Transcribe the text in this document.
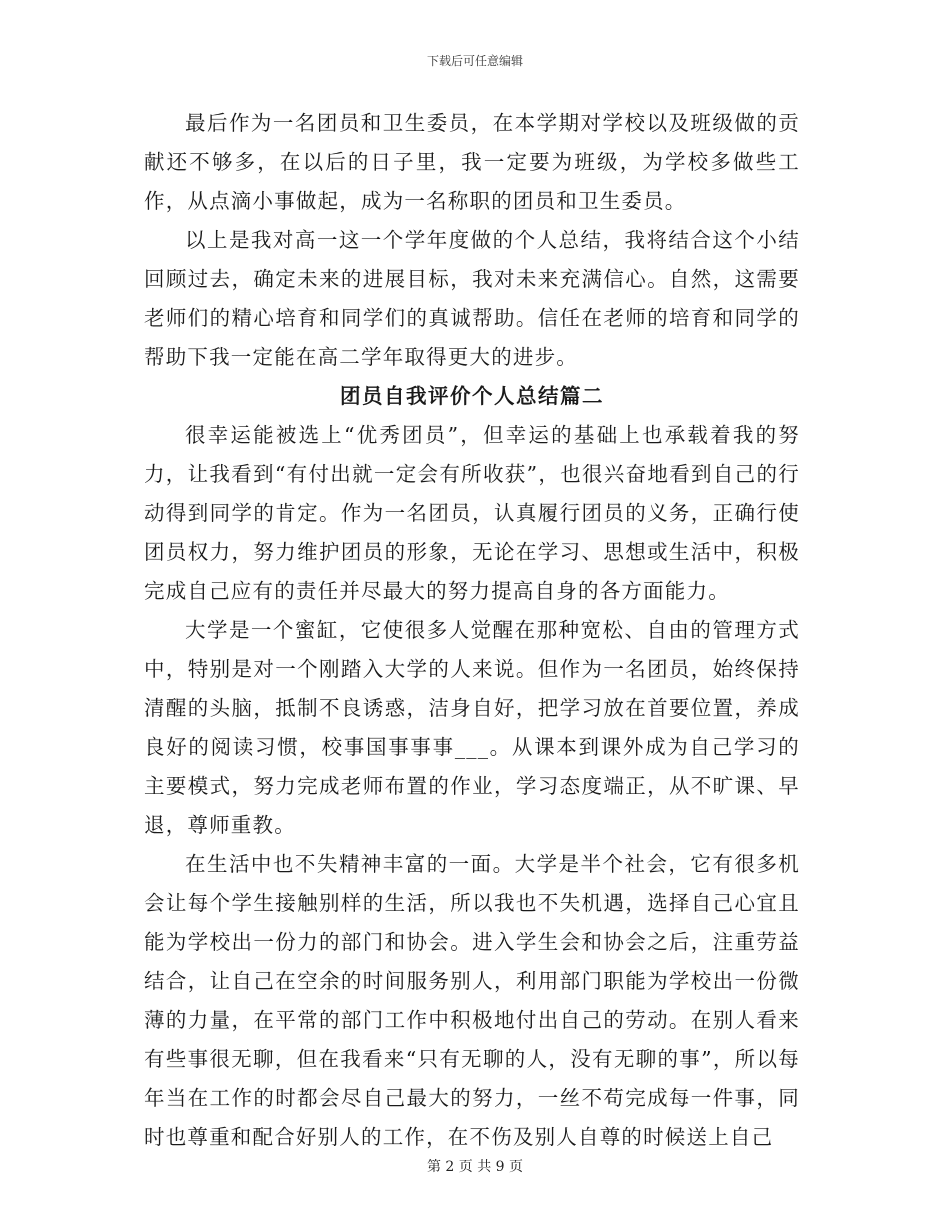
下载后可任意编辑

最后作为一名团员和卫生委员，在本学期对学校以及班级做的贡献还不够多，在以后的日子里，我一定要为班级，为学校多做些工作，从点滴小事做起，成为一名称职的团员和卫生委员。

以上是我对高一这一个学年度做的个人总结，我将结合这个小结回顾过去，确定未来的进展目标，我对未来充满信心。自然，这需要老师们的精心培育和同学们的真诚帮助。信任在老师的培育和同学的帮助下我一定能在高二学年取得更大的进步。

团员自我评价个人总结篇二

很幸运能被选上“优秀团员”，但幸运的基础上也承载着我的努力，让我看到“有付出就一定会有所收获”，也很兴奋地看到自己的行动得到同学的肯定。作为一名团员，认真履行团员的义务，正确行使团员权力，努力维护团员的形象，无论在学习、思想或生活中，积极完成自己应有的责任并尽最大的努力提高自身的各方面能力。

大学是一个蜜缸，它使很多人觉醒在那种宽松、自由的管理方式中，特别是对一个刚踏入大学的人来说。但作为一名团员，始终保持清醒的头脑，抵制不良诱惑，洁身自好，把学习放在首要位置，养成良好的阅读习惯，校事国事事事___。从课本到课外成为自己学习的主要模式，努力完成老师布置的作业，学习态度端正，从不旷课、早退，尊师重教。

在生活中也不失精神丰富的一面。大学是半个社会，它有很多机会让每个学生接触别样的生活，所以我也不失机遇，选择自己心宜且能为学校出一份力的部门和协会。进入学生会和协会之后，注重劳益结合，让自己在空余的时间服务别人，利用部门职能为学校出一份微薄的力量，在平常的部门工作中积极地付出自己的劳动。在别人看来有些事很无聊，但在我看来“只有无聊的人，没有无聊的事”，所以每年当在工作的时都会尽自己最大的努力，一丝不苟完成每一件事，同时也尊重和配合好别人的工作，在不伤及别人自尊的时候送上自己

第 2 页 共 9 页
